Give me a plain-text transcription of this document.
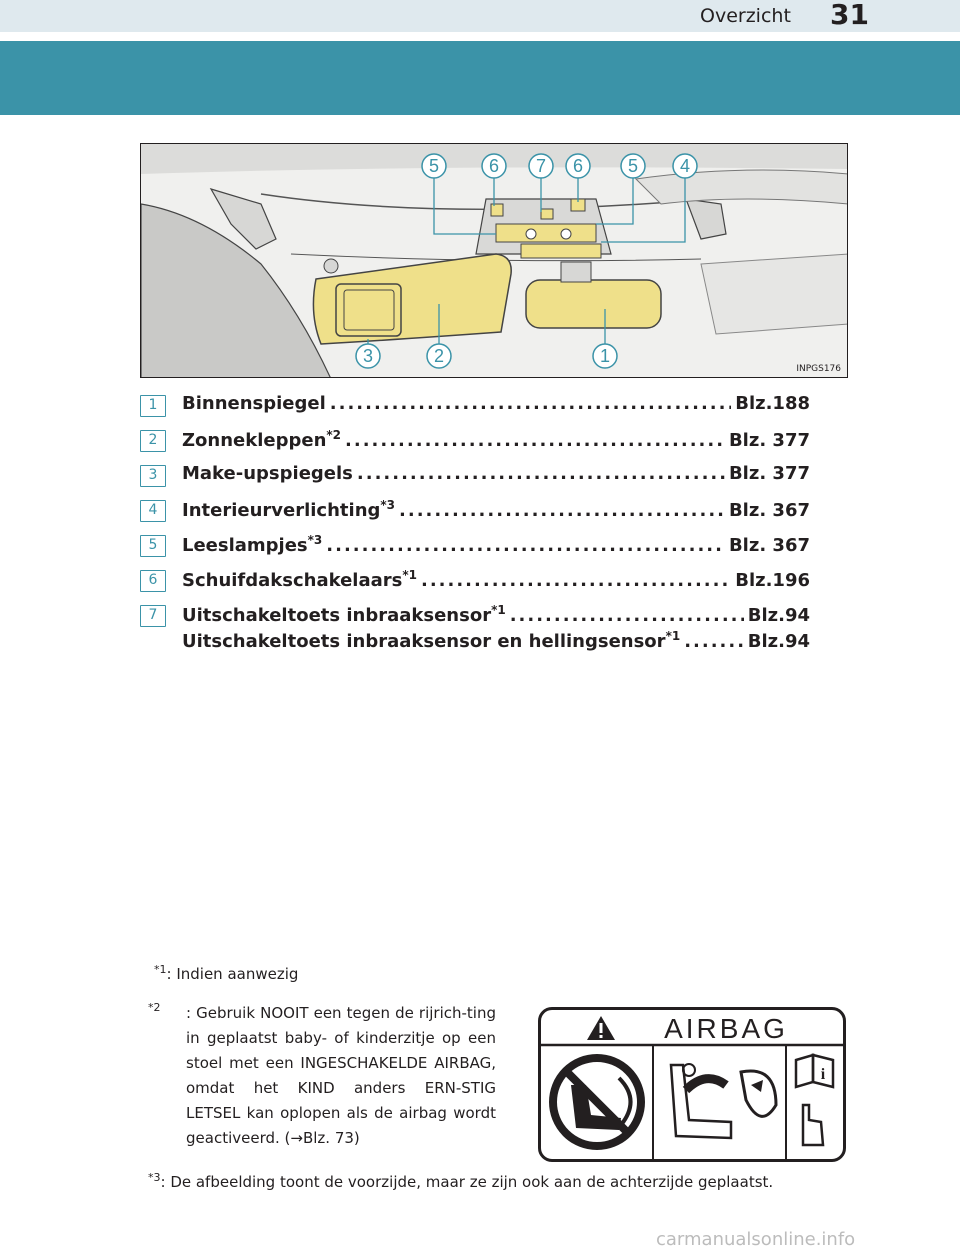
Overzicht 31
5	6 7 6 5 4
3	2	1
INPGS176
1	Binnenspiegel .....	Blz.188
2	Zonnekleppen$^{*2}$ .....	Blz. 377
3	Make-upspiegels .....	Blz. 377
4	Interieurverlichting$^{*3}$ .....	Blz. 367
5	Leeslampjes$^{*3}$ .....	Blz. 367
6	Schuifdakschakelaars$^{*1}$ .....	Blz.196
7	Uitschakeltoets inbraaksensor$^{*1}$ .....	Blz.94
Uitschakeltoets inbraaksensor en hellingsensor$^{*1}$ .....	Blz.94
$^{*1}$: Indien aanwezig
$^{*2}$ : Gebruik NOOIT een tegen de rijrich-ting in geplaatst baby- of kinderzitje op een stoel met een INGESCHAKELDE AIRBAG, omdat het KIND anders ERN-STIG LETSEL kan oplopen als de airbag wordt geactiveerd. (→Blz. 73)
$^{*3}$: De afbeelding toont de voorzijde, maar ze zijn ook aan de achterzijde geplaatst.
AIRBAG
i
carmanualsonline.info
